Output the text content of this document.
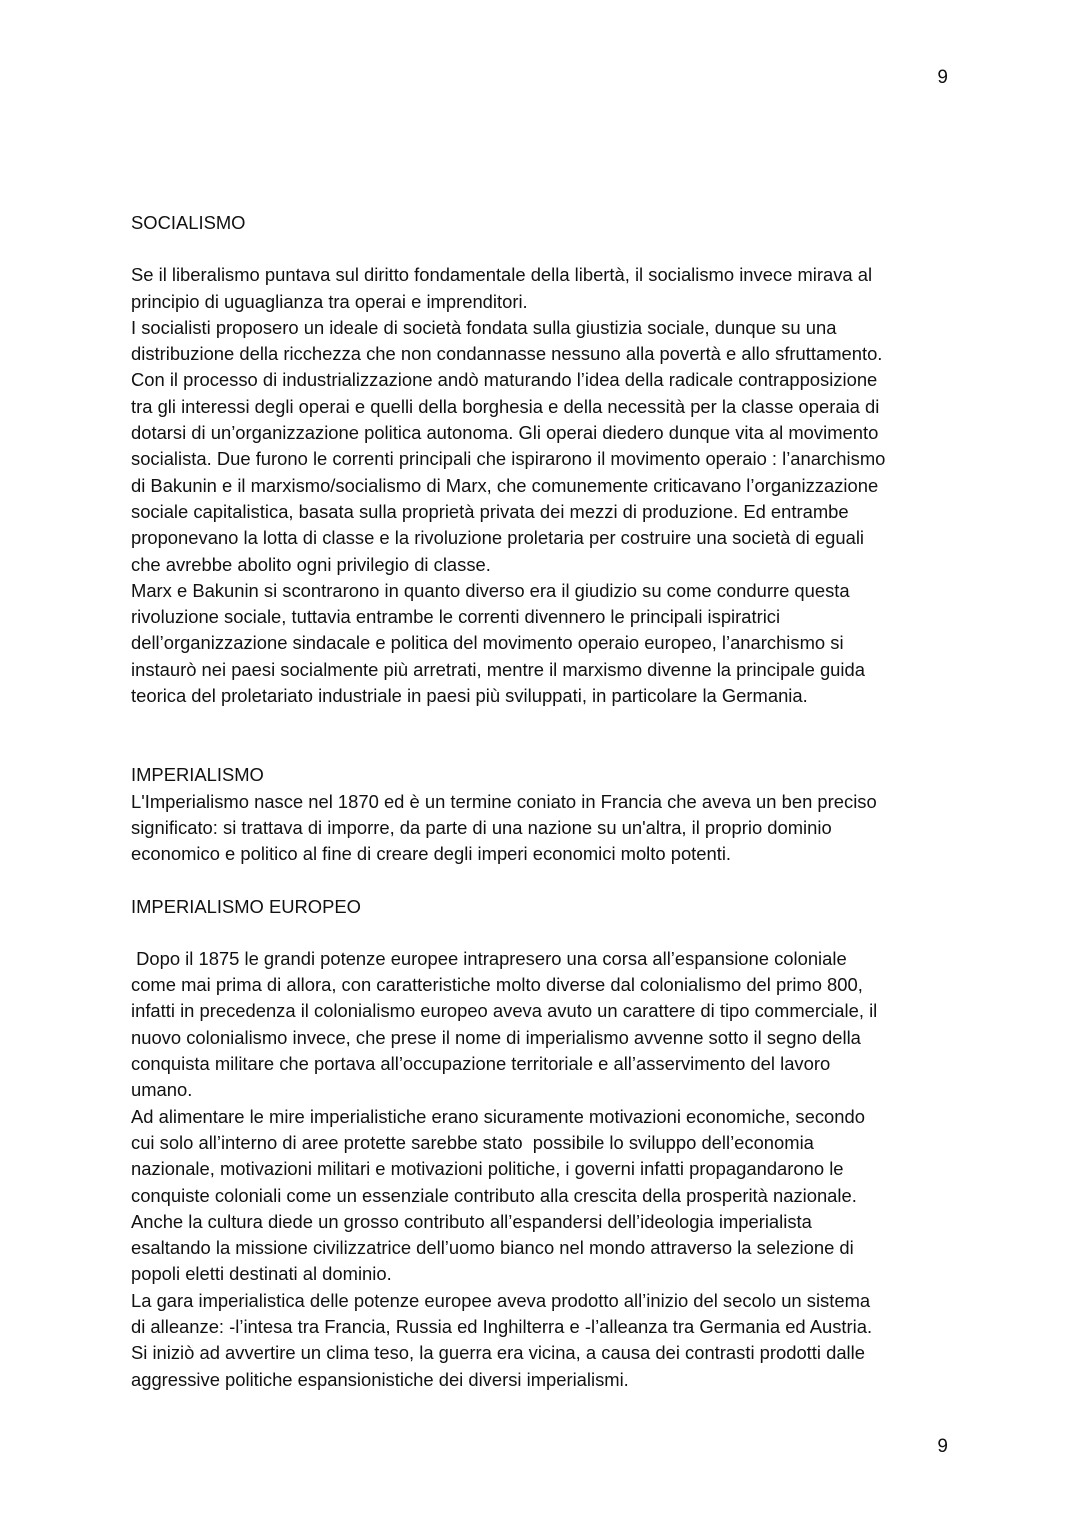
9
SOCIALISMO

Se il liberalismo puntava sul diritto fondamentale della libertà, il socialismo invece mirava al
principio di uguaglianza tra operai e imprenditori.
I socialisti proposero un ideale di società fondata sulla giustizia sociale, dunque su una
distribuzione della ricchezza che non condannasse nessuno alla povertà e allo sfruttamento.
Con il processo di industrializzazione andò maturando l’idea della radicale contrapposizione
tra gli interessi degli operai e quelli della borghesia e della necessità per la classe operaia di
dotarsi di un’organizzazione politica autonoma. Gli operai diedero dunque vita al movimento
socialista. Due furono le correnti principali che ispirarono il movimento operaio : l’anarchismo
di Bakunin e il marxismo/socialismo di Marx, che comunemente criticavano l’organizzazione
sociale capitalistica, basata sulla proprietà privata dei mezzi di produzione. Ed entrambe
proponevano la lotta di classe e la rivoluzione proletaria per costruire una società di eguali
che avrebbe abolito ogni privilegio di classe.
Marx e Bakunin si scontrarono in quanto diverso era il giudizio su come condurre questa
rivoluzione sociale, tuttavia entrambe le correnti divennero le principali ispiratrici
dell’organizzazione sindacale e politica del movimento operaio europeo, l’anarchismo si
instaurò nei paesi socialmente più arretrati, mentre il marxismo divenne la principale guida
teorica del proletariato industriale in paesi più sviluppati, in particolare la Germania.

IMPERIALISMO

L'Imperialismo nasce nel 1870 ed è un termine coniato in Francia che aveva un ben preciso
significato: si trattava di imporre, da parte di una nazione su un'altra, il proprio dominio
economico e politico al fine di creare degli imperi economici molto potenti.

IMPERIALISMO EUROPEO

Dopo il 1875 le grandi potenze europee intrapresero una corsa all’espansione coloniale
come mai prima di allora, con caratteristiche molto diverse dal colonialismo del primo 800,
infatti in precedenza il colonialismo europeo aveva avuto un carattere di tipo commerciale, il
nuovo colonialismo invece, che prese il nome di imperialismo avvenne sotto il segno della
conquista militare che portava all’occupazione territoriale e all’asservimento del lavoro
umano.
Ad alimentare le mire imperialistiche erano sicuramente motivazioni economiche, secondo
cui solo all’interno di aree protette sarebbe stato  possibile lo sviluppo dell’economia
nazionale, motivazioni militari e motivazioni politiche, i governi infatti propagandarono le
conquiste coloniali come un essenziale contributo alla crescita della prosperità nazionale.
Anche la cultura diede un grosso contributo all’espandersi dell’ideologia imperialista
esaltando la missione civilizzatrice dell’uomo bianco nel mondo attraverso la selezione di
popoli eletti destinati al dominio.
La gara imperialistica delle potenze europee aveva prodotto all’inizio del secolo un sistema
di alleanze: -l’intesa tra Francia, Russia ed Inghilterra e -l’alleanza tra Germania ed Austria.
Si iniziò ad avvertire un clima teso, la guerra era vicina, a causa dei contrasti prodotti dalle
aggressive politiche espansionistiche dei diversi imperialismi.

9
